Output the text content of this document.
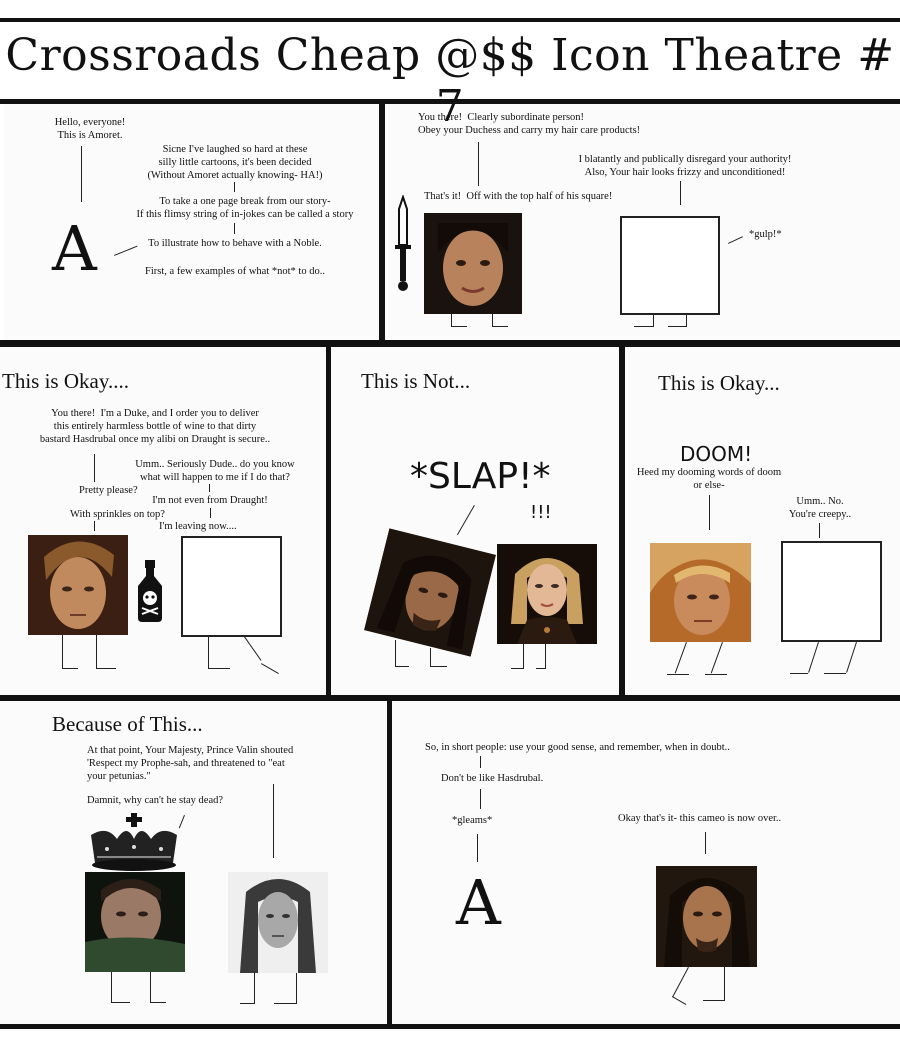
Crossroads Cheap @$$ Icon Theatre # 7
Hello, everyone!
This is Amoret.
Sicne I've laughed so hard at these
silly little cartoons, it's been decided
(Without Amoret actually knowing- HA!)
To take a one page break from our story-
If this flimsy string of in-jokes can be called a story
To illustrate how to behave with a Noble.
First, a few examples of what *not* to do..
A
You there!  Clearly subordinate person!
Obey your Duchess and carry my hair care products!
I blatantly and publically disregard your authority!
Also, Your hair looks frizzy and unconditioned!
That's it!  Off with the top half of his square!
*gulp!*
This is Okay....
You there!  I'm a Duke, and I order you to deliver
this entirely harmless bottle of wine to that dirty
bastard Hasdrubal once my alibi on Draught is secure..
Umm.. Seriously Dude.. do you know
what will happen to me if I do that?
Pretty please?
I'm not even from Draught!
With sprinkles on top?
I'm leaving now....
This is Not...
*SLAP!*
!!!
This is Okay...
DOOM!
Heed my dooming words of doom
or else-
Umm.. No.
You're creepy..
Because of This...
At that point, Your Majesty, Prince Valin shouted
'Respect my Prophe-sah, and threatened to "eat
your petunias."
Damnit, why can't he stay dead?
So, in short people: use your good sense, and remember, when in doubt..
Don't be like Hasdrubal.
*gleams*
A
Okay that's it- this cameo is now over..
